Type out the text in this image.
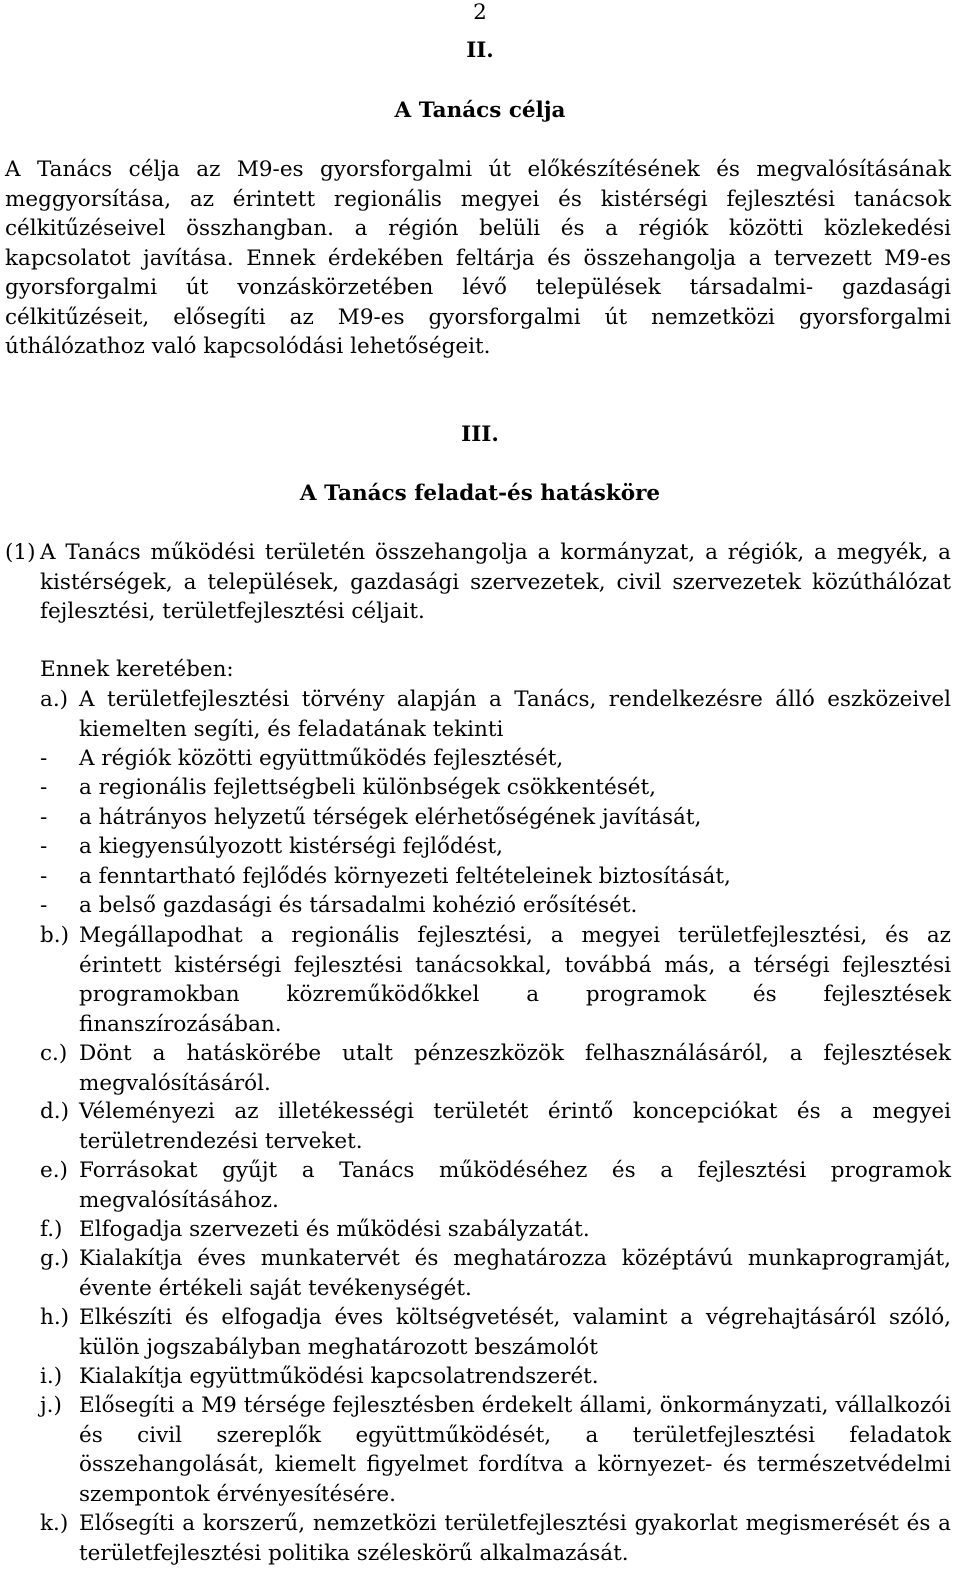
2
II.
A Tanács célja

A Tanács célja az M9-es gyorsforgalmi út előkészítésének és megvalósításának meggyorsítása, az érintett regionális megyei és kistérségi fejlesztési tanácsok célkitűzéseivel összhangban. a régión belüli és a régiók közötti közlekedési kapcsolatot javítása. Ennek érdekében feltárja és összehangolja a tervezett M9-es gyorsforgalmi út vonzáskörzetében lévő települések társadalmi- gazdasági célkitűzéseit, elősegíti az M9-es gyorsforgalmi út nemzetközi gyorsforgalmi úthálózathoz való kapcsolódási lehetőségeit.

III.
A Tanács feladat-és hatásköre
(1) A Tanács működési területén összehangolja a kormányzat, a régiók, a megyék, a kistérségek, a települések, gazdasági szervezetek, civil szervezetek közúthálózat fejlesztési, területfejlesztési céljait.

Ennek keretében:
a.) A területfejlesztési törvény alapján a Tanács, rendelkezésre álló eszközeivel kiemelten segíti, és feladatának tekinti

- A régiók közötti együttműködés fejlesztését,

- a regionális fejlettségbeli különbségek csökkentését,

- a hátrányos helyzetű térségek elérhetőségének javítását,

- a kiegyensúlyozott kistérségi fejlődést,

- a fenntartható fejlődés környezeti feltételeinek biztosítását,

- a belső gazdasági és társadalmi kohézió erősítését.

b.) Megállapodhat a regionális fejlesztési, a megyei területfejlesztési, és az érintett kistérségi fejlesztési tanácsokkal, továbbá más, a térségi fejlesztési programokban közreműködőkkel a programok és fejlesztések finanszírozásában.

c.) Dönt a hatáskörébe utalt pénzeszközök felhasználásáról, a fejlesztések megvalósításáról.

d.) Véleményezi az illetékességi területét érintő koncepciókat és a megyei területrendezési terveket.

e.) Forrásokat gyűjt a Tanács működéséhez és a fejlesztési programok megvalósításához.

f.) Elfogadja szervezeti és működési szabályzatát.

g.) Kialakítja éves munkatervét és meghatározza középtávú munkaprogramját, évente értékeli saját tevékenységét.

h.) Elkészíti és elfogadja éves költségvetését, valamint a végrehajtásáról szóló, külön jogszabályban meghatározott beszámolót

i.) Kialakítja együttműködési kapcsolatrendszerét.

j.) Elősegíti a M9 térsége fejlesztésben érdekelt állami, önkormányzati, vállalkozói és civil szereplők együttműködését, a területfejlesztési feladatok összehangolását, kiemelt figyelmet fordítva a környezet- és természetvédelmi szempontok érvényesítésére.

k.) Elősegíti a korszerű, nemzetközi területfejlesztési gyakorlat megismerését és a területfejlesztési politika széleskörű alkalmazását.
